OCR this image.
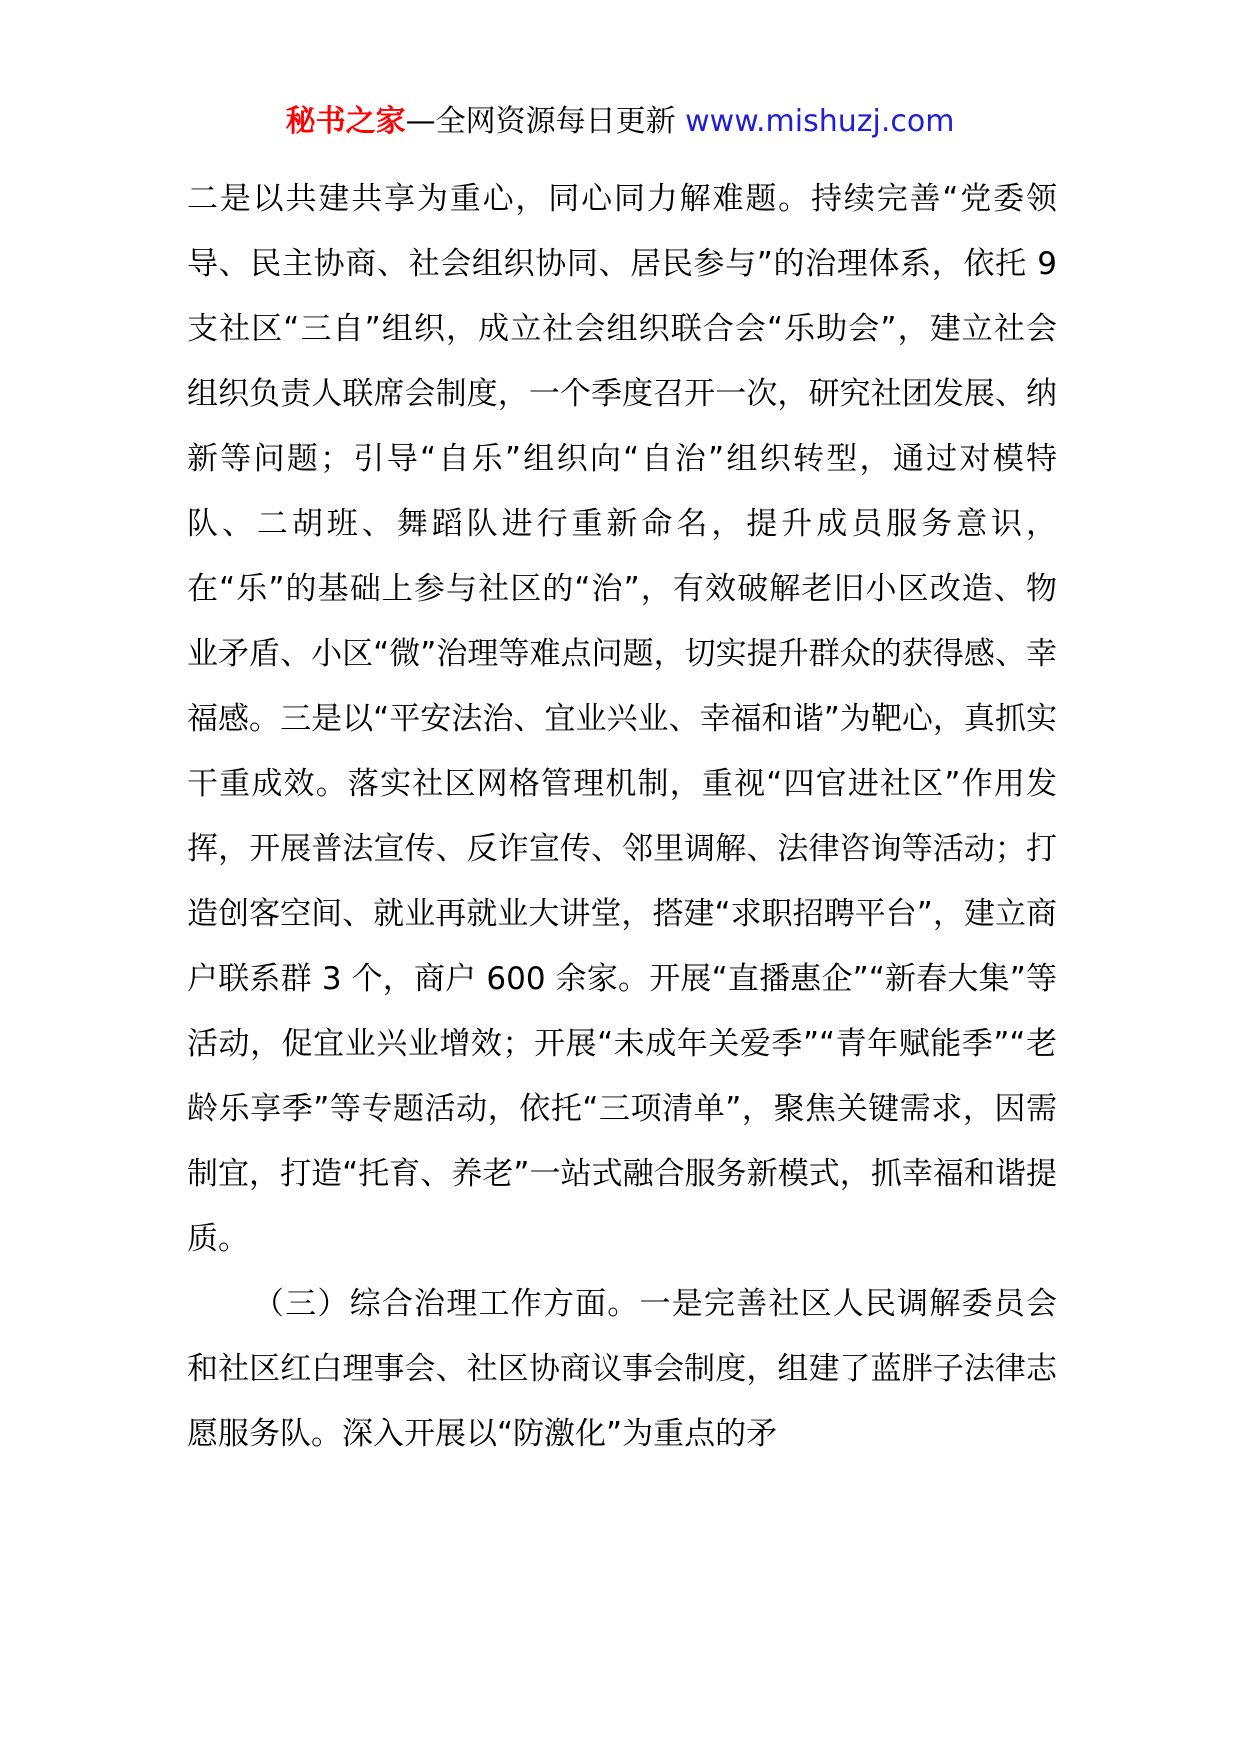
秘书之家—全网资源每日更新 www.mishuzj.com

二是以共建共享为重心，同心同力解难题。持续完善“党委领导、民主协商、社会组织协同、居民参与”的治理体系，依托 9 支社区“三自”组织，成立社会组织联合会“乐助会”，建立社会组织负责人联席会制度，一个季度召开一次，研究社团发展、纳新等问题；引导“自乐”组织向“自治”组织转型，通过对模特队、二胡班、舞蹈队进行重新命名，提升成员服务意识，在“乐”的基础上参与社区的“治”，有效破解老旧小区改造、物业矛盾、小区“微”治理等难点问题，切实提升群众的获得感、幸福感。三是以“平安法治、宜业兴业、幸福和谐”为靶心，真抓实干重成效。落实社区网格管理机制，重视“四官进社区”作用发挥，开展普法宣传、反诈宣传、邻里调解、法律咨询等活动；打造创客空间、就业再就业大讲堂，搭建“求职招聘平台”，建立商户联系群 3 个，商户 600 余家。开展“直播惠企”“新春大集”等活动，促宜业兴业增效；开展“未成年关爱季”“青年赋能季”“老龄乐享季”等专题活动，依托“三项清单”，聚焦关键需求，因需制宜，打造“托育、养老”一站式融合服务新模式，抓幸福和谐提质。

（三）综合治理工作方面。一是完善社区人民调解委员会和社区红白理事会、社区协商议事会制度，组建了蓝胖子法律志愿服务队。深入开展以“防激化”为重点的矛
